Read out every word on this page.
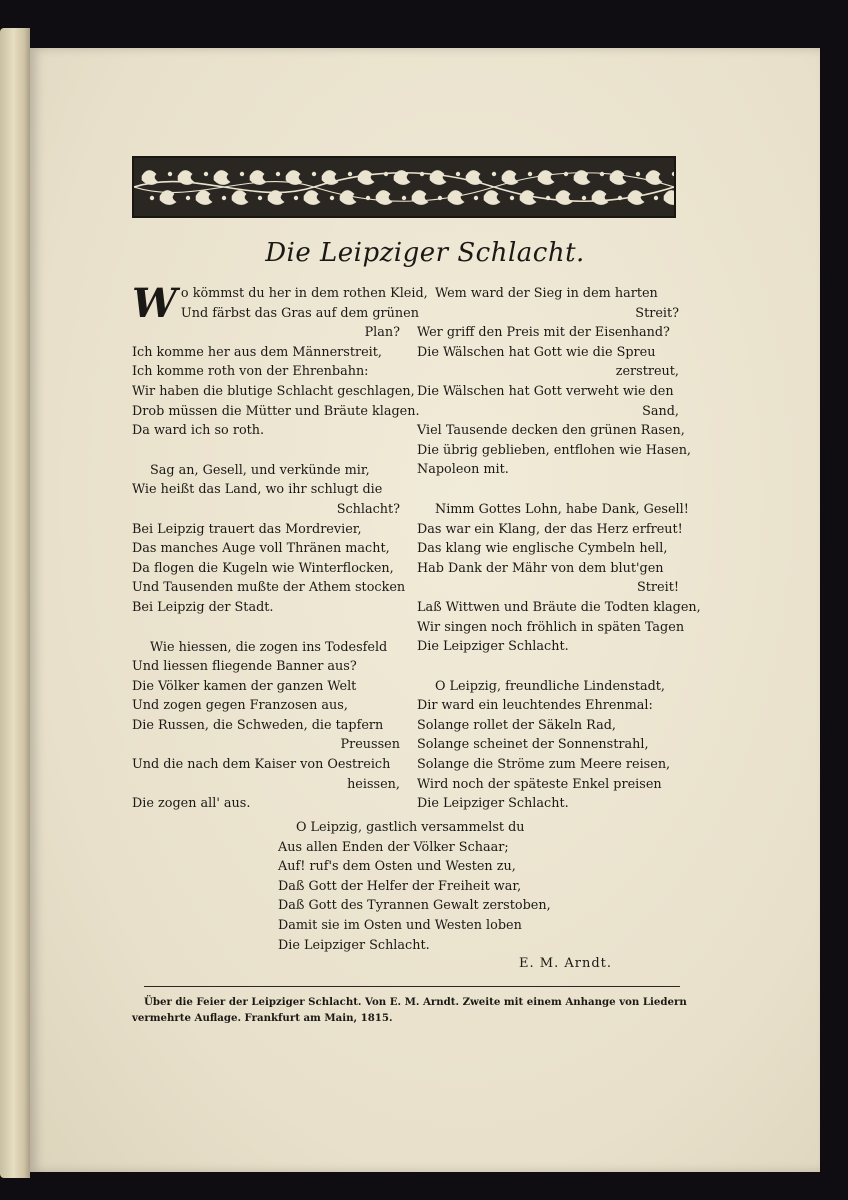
Die Leipziger Schlacht.
W o kömmst du her in dem rothen Kleid,
Und färbst das Gras auf dem grünen
Plan?
Ich komme her aus dem Männerstreit,
Ich komme roth von der Ehrenbahn:
Wir haben die blutige Schlacht geschlagen,
Drob müssen die Mütter und Bräute klagen.
Da ward ich so roth.
Sag an, Gesell, und verkünde mir,
Wie heißt das Land, wo ihr schlugt die
Schlacht?
Bei Leipzig trauert das Mordrevier,
Das manches Auge voll Thränen macht,
Da flogen die Kugeln wie Winterflocken,
Und Tausenden mußte der Athem stocken
Bei Leipzig der Stadt.
Wie hiessen, die zogen ins Todesfeld
Und liessen fliegende Banner aus?
Die Völker kamen der ganzen Welt
Und zogen gegen Franzosen aus,
Die Russen, die Schweden, die tapfern
Preussen
Und die nach dem Kaiser von Oestreich
heissen,
Die zogen all' aus.
Wem ward der Sieg in dem harten
Streit?
Wer griff den Preis mit der Eisenhand?
Die Wälschen hat Gott wie die Spreu
zerstreut,
Die Wälschen hat Gott verweht wie den
Sand,
Viel Tausende decken den grünen Rasen,
Die übrig geblieben, entflohen wie Hasen,
Napoleon mit.
Nimm Gottes Lohn, habe Dank, Gesell!
Das war ein Klang, der das Herz erfreut!
Das klang wie englische Cymbeln hell,
Hab Dank der Mähr von dem blut'gen
Streit!
Laß Wittwen und Bräute die Todten klagen,
Wir singen noch fröhlich in späten Tagen
Die Leipziger Schlacht.
O Leipzig, freundliche Lindenstadt,
Dir ward ein leuchtendes Ehrenmal:
Solange rollet der Säkeln Rad,
Solange scheinet der Sonnenstrahl,
Solange die Ströme zum Meere reisen,
Wird noch der späteste Enkel preisen
Die Leipziger Schlacht.
O Leipzig, gastlich versammelst du
Aus allen Enden der Völker Schaar;
Auf! ruf's dem Osten und Westen zu,
Daß Gott der Helfer der Freiheit war,
Daß Gott des Tyrannen Gewalt zerstoben,
Damit sie im Osten und Westen loben
Die Leipziger Schlacht.
E. M. Arndt.
Über die Feier der Leipziger Schlacht. Von E. M. Arndt. Zweite mit einem Anhange von Liedern
vermehrte Auflage. Frankfurt am Main, 1815.
